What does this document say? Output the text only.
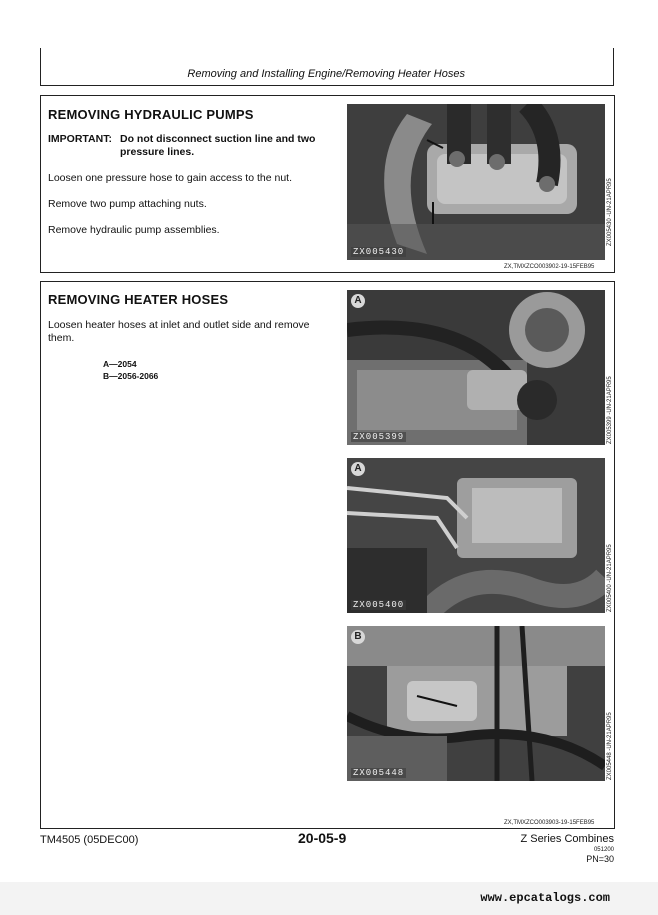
Removing and Installing Engine/Removing Heater Hoses
REMOVING HYDRAULIC PUMPS
IMPORTANT: Do not disconnect suction line and two pressure lines.
Loosen one pressure hose to gain access to the nut.
Remove two pump attaching nuts.
Remove hydraulic pump assemblies.
ZX005430
ZX005430 -UN-21APR95
ZX,TMXZCO003902-19-15FEB95
REMOVING HEATER HOSES
Loosen heater hoses at inlet and outlet side and remove them.
A—2054
B—2056-2066
A
ZX005399	ZX005399 -UN-21APR95
A
ZX005400	ZX005400 -UN-21APR95
B
ZX005448	ZX005448 -UN-21APR95
ZX,TMXZCO003903-19-15FEB95
TM4505 (05DEC00)	20-05-9	Z Series Combines
051200
PN=30
www.epcatalogs.com
